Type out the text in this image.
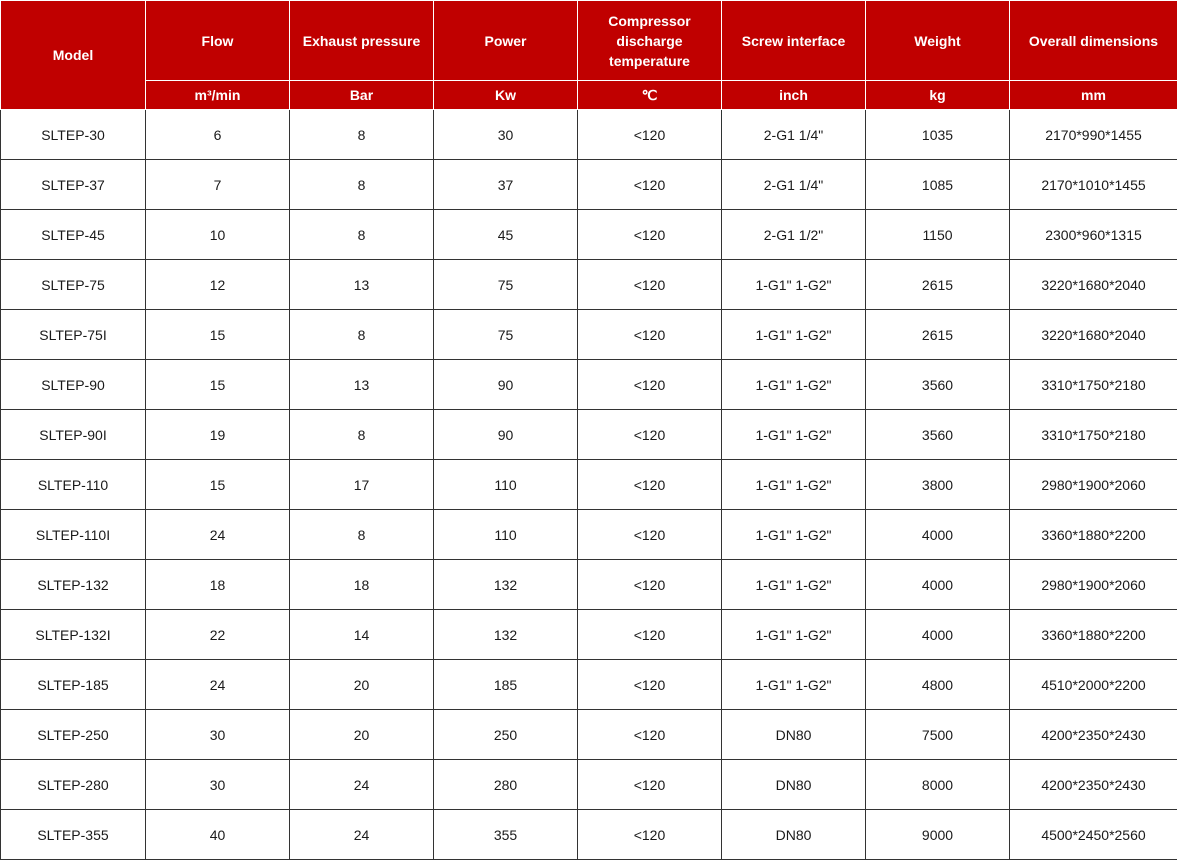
Model	Flow	Exhaust pressure	Power	Compressor discharge temperature	Screw interface	Weight	Overall dimensions
	m³/min	Bar	Kw	℃	inch	kg	mm
SLTEP-30	6	8	30	<120	2-G1 1/4"	1035	2170*990*1455
SLTEP-37	7	8	37	<120	2-G1 1/4"	1085	2170*1010*1455
SLTEP-45	10	8	45	<120	2-G1 1/2"	1150	2300*960*1315
SLTEP-75	12	13	75	<120	1-G1" 1-G2"	2615	3220*1680*2040
SLTEP-75I	15	8	75	<120	1-G1" 1-G2"	2615	3220*1680*2040
SLTEP-90	15	13	90	<120	1-G1" 1-G2"	3560	3310*1750*2180
SLTEP-90I	19	8	90	<120	1-G1" 1-G2"	3560	3310*1750*2180
SLTEP-110	15	17	110	<120	1-G1" 1-G2"	3800	2980*1900*2060
SLTEP-110I	24	8	110	<120	1-G1" 1-G2"	4000	3360*1880*2200
SLTEP-132	18	18	132	<120	1-G1" 1-G2"	4000	2980*1900*2060
SLTEP-132I	22	14	132	<120	1-G1" 1-G2"	4000	3360*1880*2200
SLTEP-185	24	20	185	<120	1-G1" 1-G2"	4800	4510*2000*2200
SLTEP-250	30	20	250	<120	DN80	7500	4200*2350*2430
SLTEP-280	30	24	280	<120	DN80	8000	4200*2350*2430
SLTEP-355	40	24	355	<120	DN80	9000	4500*2450*2560
